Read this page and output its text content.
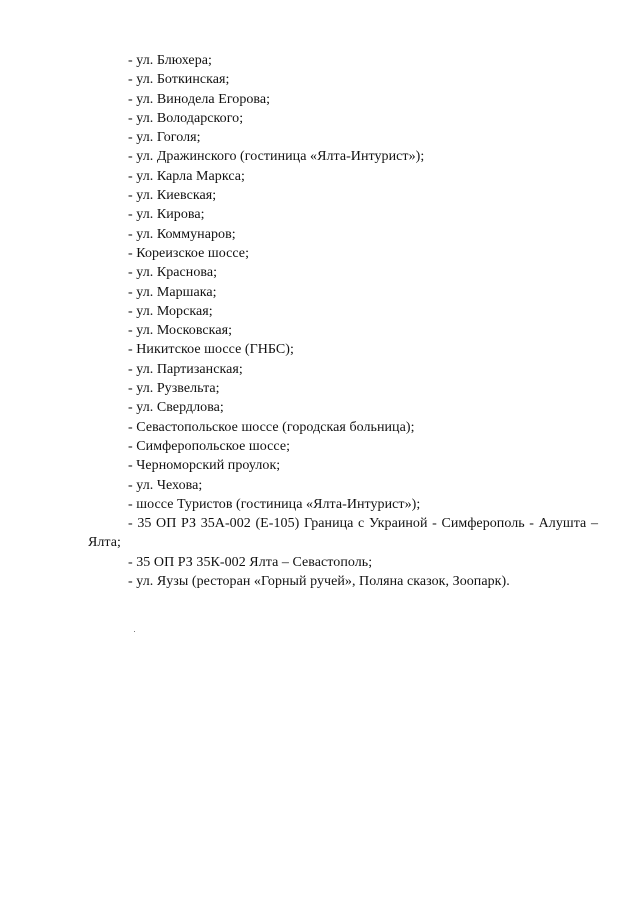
- ул. Блюхера;
- ул. Боткинская;
- ул. Винодела Егорова;
- ул. Володарского;
- ул. Гоголя;
- ул. Дражинского (гостиница «Ялта-Интурист»);
- ул. Карла Маркса;
- ул. Киевская;
- ул. Кирова;
- ул. Коммунаров;
- Кореизское шоссе;
- ул. Краснова;
- ул. Маршака;
- ул. Морская;
- ул. Московская;
- Никитское шоссе (ГНБС);
- ул. Партизанская;
- ул. Рузвельта;
- ул. Свердлова;
- Севастопольское шоссе (городская больница);
- Симферопольское шоссе;
- Черноморский проулок;
- ул. Чехова;
- шоссе Туристов (гостиница «Ялта-Интурист»);

- 35 ОП РЗ 35А-002 (Е-105) Граница с Украиной - Симферополь - Алушта – Ялта;

- 35 ОП РЗ 35К-002 Ялта – Севастополь;
- ул. Яузы (ресторан «Горный ручей», Поляна сказок, Зоопарк).
